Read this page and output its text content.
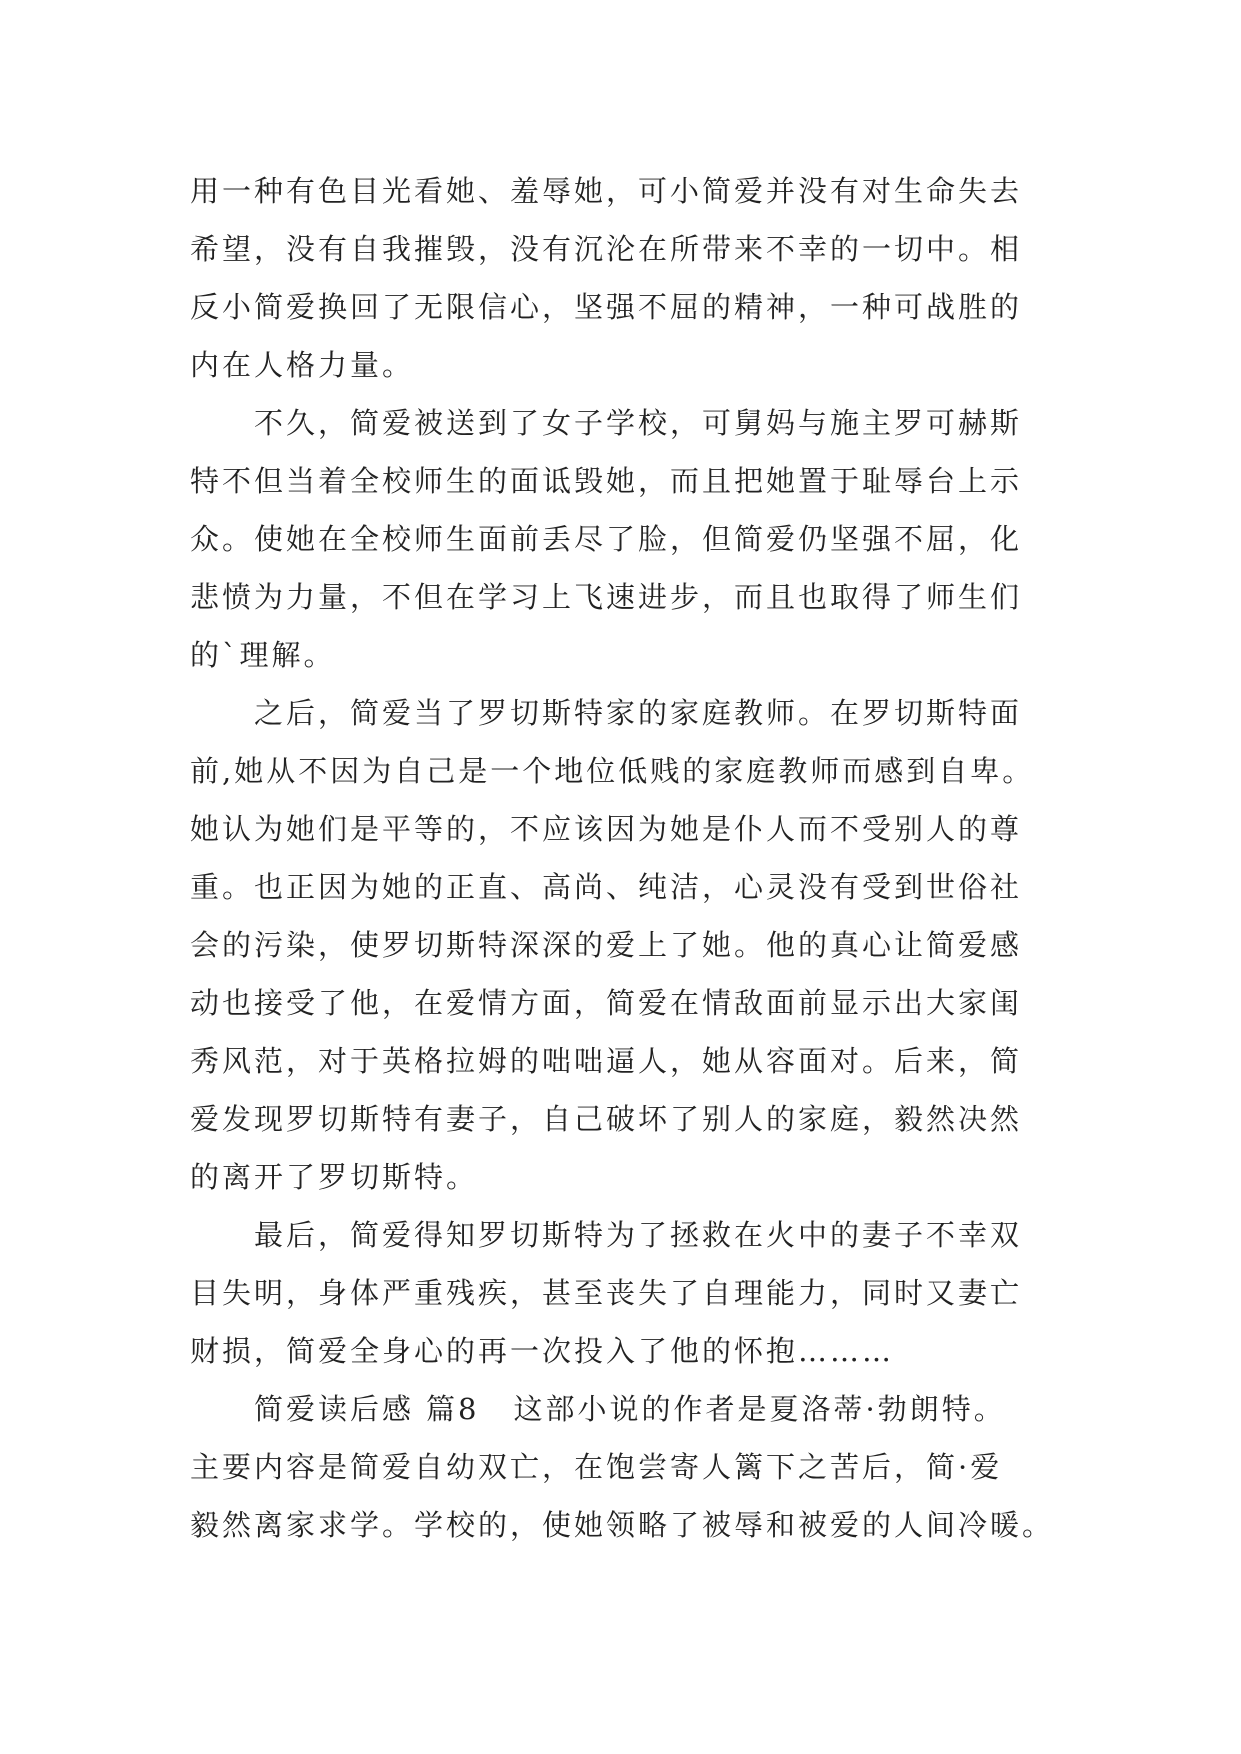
用一种有色目光看她、羞辱她，可小简爱并没有对生命失去
希望，没有自我摧毁，没有沉沦在所带来不幸的一切中。相
反小简爱换回了无限信心，坚强不屈的精神，一种可战胜的
内在人格力量。
不久，简爱被送到了女子学校，可舅妈与施主罗可赫斯
特不但当着全校师生的面诋毁她，而且把她置于耻辱台上示
众。使她在全校师生面前丢尽了脸，但简爱仍坚强不屈，化
悲愤为力量，不但在学习上飞速进步，而且也取得了师生们
的`理解。
之后，简爱当了罗切斯特家的家庭教师。在罗切斯特面
前,她从不因为自己是一个地位低贱的家庭教师而感到自卑。
她认为她们是平等的，不应该因为她是仆人而不受别人的尊
重。也正因为她的正直、高尚、纯洁，心灵没有受到世俗社
会的污染，使罗切斯特深深的爱上了她。他的真心让简爱感
动也接受了他，在爱情方面，简爱在情敌面前显示出大家闺
秀风范，对于英格拉姆的咄咄逼人，她从容面对。后来，简
爱发现罗切斯特有妻子，自己破坏了别人的家庭，毅然决然
的离开了罗切斯特。
最后，简爱得知罗切斯特为了拯救在火中的妻子不幸双
目失明，身体严重残疾，甚至丧失了自理能力，同时又妻亡
财损，简爱全身心的再一次投入了他的怀抱………
简爱读后感 篇8 这部小说的作者是夏洛蒂·勃朗特。
主要内容是简爱自幼双亡，在饱尝寄人篱下之苦后，简·爱
毅然离家求学。学校的，使她领略了被辱和被爱的人间冷暖。
